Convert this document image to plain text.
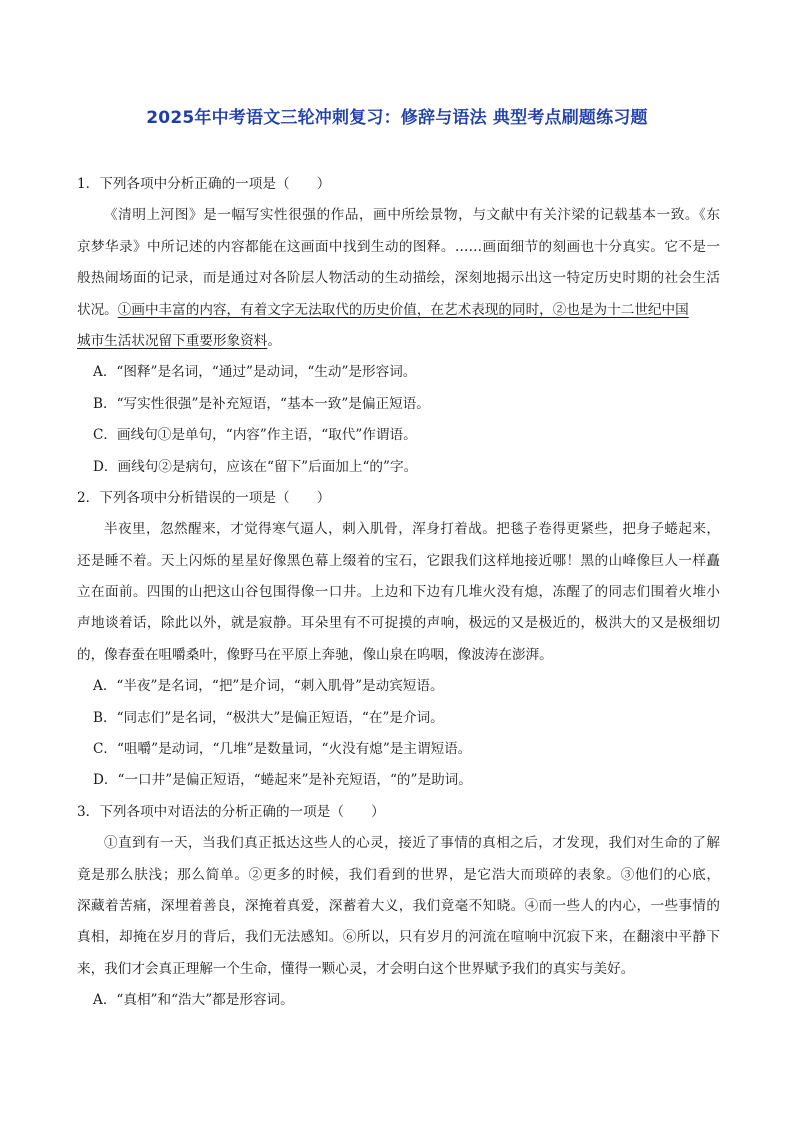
2025年中考语文三轮冲刺复习：修辞与语法 典型考点刷题练习题
1．下列各项中分析正确的一项是（　　）
《清明上河图》是一幅写实性很强的作品，画中所绘景物，与文献中有关汴梁的记载基本一致。《东
京梦华录》中所记述的内容都能在这画面中找到生动的图释。……画面细节的刻画也十分真实。它不是一
般热闹场面的记录，而是通过对各阶层人物活动的生动描绘，深刻地揭示出这一特定历史时期的社会生活
状况。①画中丰富的内容，有着文字无法取代的历史价值，在艺术表现的同时，②也是为十二世纪中国
城市生活状况留下重要形象资料。
A．“图释”是名词，“通过”是动词，“生动”是形容词。
B．“写实性很强”是补充短语，“基本一致”是偏正短语。
C．画线句①是单句，“内容”作主语，“取代”作谓语。
D．画线句②是病句，应该在“留下”后面加上“的”字。
2．下列各项中分析错误的一项是（　　）
半夜里，忽然醒来，才觉得寒气逼人，刺入肌骨，浑身打着战。把毯子卷得更紧些，把身子蜷起来，
还是睡不着。天上闪烁的星星好像黑色幕上缀着的宝石，它跟我们这样地接近哪！黑的山峰像巨人一样矗
立在面前。四围的山把这山谷包围得像一口井。上边和下边有几堆火没有熄，冻醒了的同志们围着火堆小
声地谈着话，除此以外，就是寂静。耳朵里有不可捉摸的声响，极远的又是极近的，极洪大的又是极细切
的，像春蚕在咀嚼桑叶，像野马在平原上奔驰，像山泉在呜咽，像波涛在澎湃。
A．“半夜”是名词，“把”是介词，“刺入肌骨”是动宾短语。
B．“同志们”是名词，“极洪大”是偏正短语，“在”是介词。
C．“咀嚼”是动词，“几堆”是数量词，“火没有熄”是主谓短语。
D．“一口井”是偏正短语，“蜷起来”是补充短语，“的”是助词。
3．下列各项中对语法的分析正确的一项是（　　）
①直到有一天，当我们真正抵达这些人的心灵，接近了事情的真相之后，才发现，我们对生命的了解
竟是那么肤浅；那么简单。②更多的时候，我们看到的世界，是它浩大而琐碎的表象。③他们的心底，
深藏着苦痛，深埋着善良，深掩着真爱，深蓄着大义，我们竟毫不知晓。④而一些人的内心，一些事情的
真相，却掩在岁月的背后，我们无法感知。⑥所以，只有岁月的河流在喧响中沉寂下来，在翻滚中平静下
来，我们才会真正理解一个生命，懂得一颗心灵，才会明白这个世界赋予我们的真实与美好。
A．“真相”和“浩大”都是形容词。
